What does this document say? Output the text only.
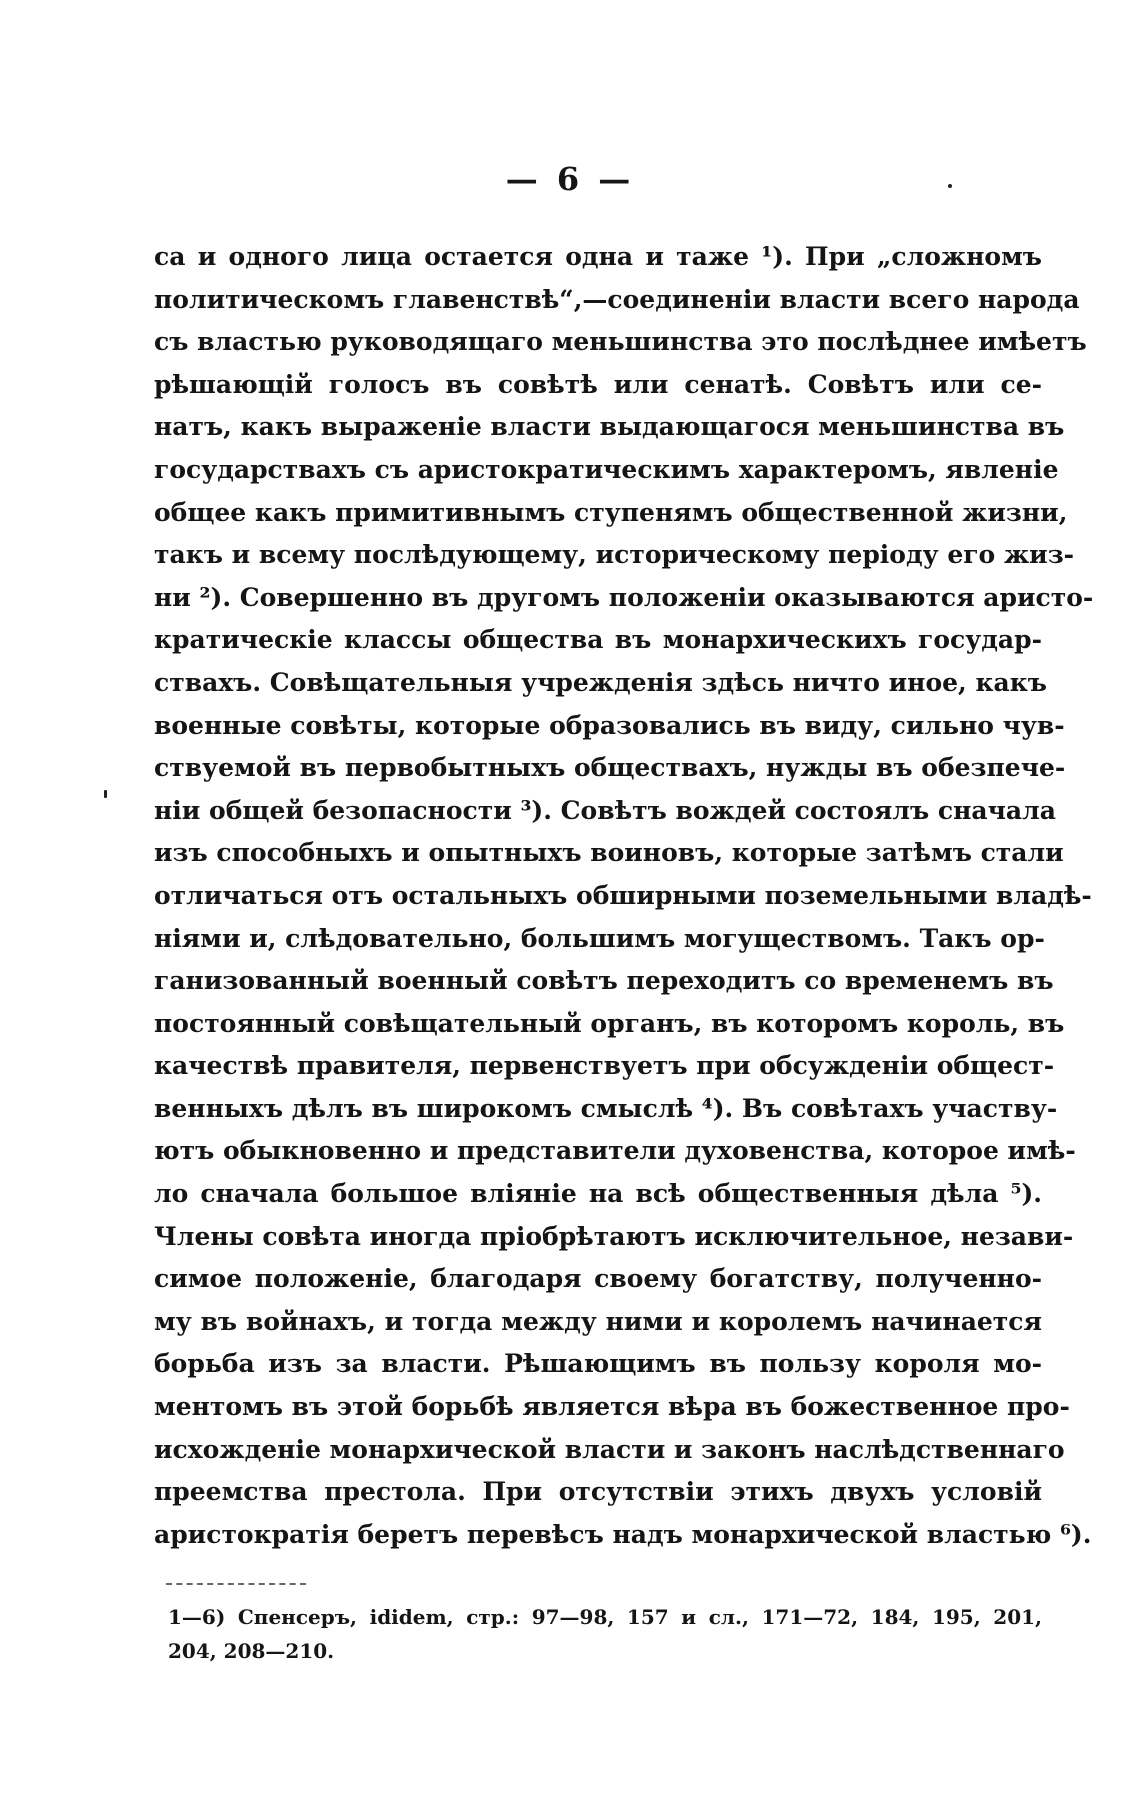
— 6 —
са и одного лица остается одна и таже ¹). При „сложномъ
политическомъ главенствѣ“,—соединенiи власти всего народа
съ властью руководящаго меньшинства это послѣднее имѣетъ
рѣшающiй голосъ въ совѣтѣ или сенатѣ. Совѣтъ или се-
натъ, какъ выраженiе власти выдающагося меньшинства въ
государствахъ съ аристократическимъ характеромъ, явленiе
общее какъ примитивнымъ ступенямъ общественной жизни,
такъ и всему послѣдующему, историческому перiоду его жиз-
ни ²). Совершенно въ другомъ положенiи оказываются аристо-
кратическiе классы общества въ монархическихъ государ-
ствахъ. Совѣщательныя учрежденiя здѣсь ничто иное, какъ
военные совѣты, которые образовались въ виду, сильно чув-
ствуемой въ первобытныхъ обществахъ, нужды въ обезпече-
нiи общей безопасности ³). Совѣтъ вождей состоялъ сначала
изъ способныхъ и опытныхъ воиновъ, которые затѣмъ стали
отличаться отъ остальныхъ обширными поземельными владѣ-
нiями и, слѣдовательно, большимъ могуществомъ. Такъ ор-
ганизованный военный совѣтъ переходитъ со временемъ въ
постоянный совѣщательный органъ, въ которомъ король, въ
качествѣ правителя, первенствуетъ при обсужденiи общест-
венныхъ дѣлъ въ широкомъ смыслѣ ⁴). Въ совѣтахъ участву-
ютъ обыкновенно и представители духовенства, которое имѣ-
ло сначала большое влiянiе на всѣ общественныя дѣла ⁵).
Члены совѣта иногда прiобрѣтаютъ исключительное, незави-
симое положенiе, благодаря своему богатству, полученно-
му въ войнахъ, и тогда между ними и королемъ начинается
борьба изъ за власти. Рѣшающимъ въ пользу короля мо-
ментомъ въ этой борьбѣ является вѣра въ божественное про-
исхожденiе монархической власти и законъ наслѣдственнаго
преемства престола. При отсутствiи этихъ двухъ условiй
аристократiя беретъ перевѣсъ надъ монархической властью ⁶).
1—6) Спенсеръ, ididem, стр.: 97—98, 157 и сл., 171—72, 184, 195, 201,
204, 208—210.
